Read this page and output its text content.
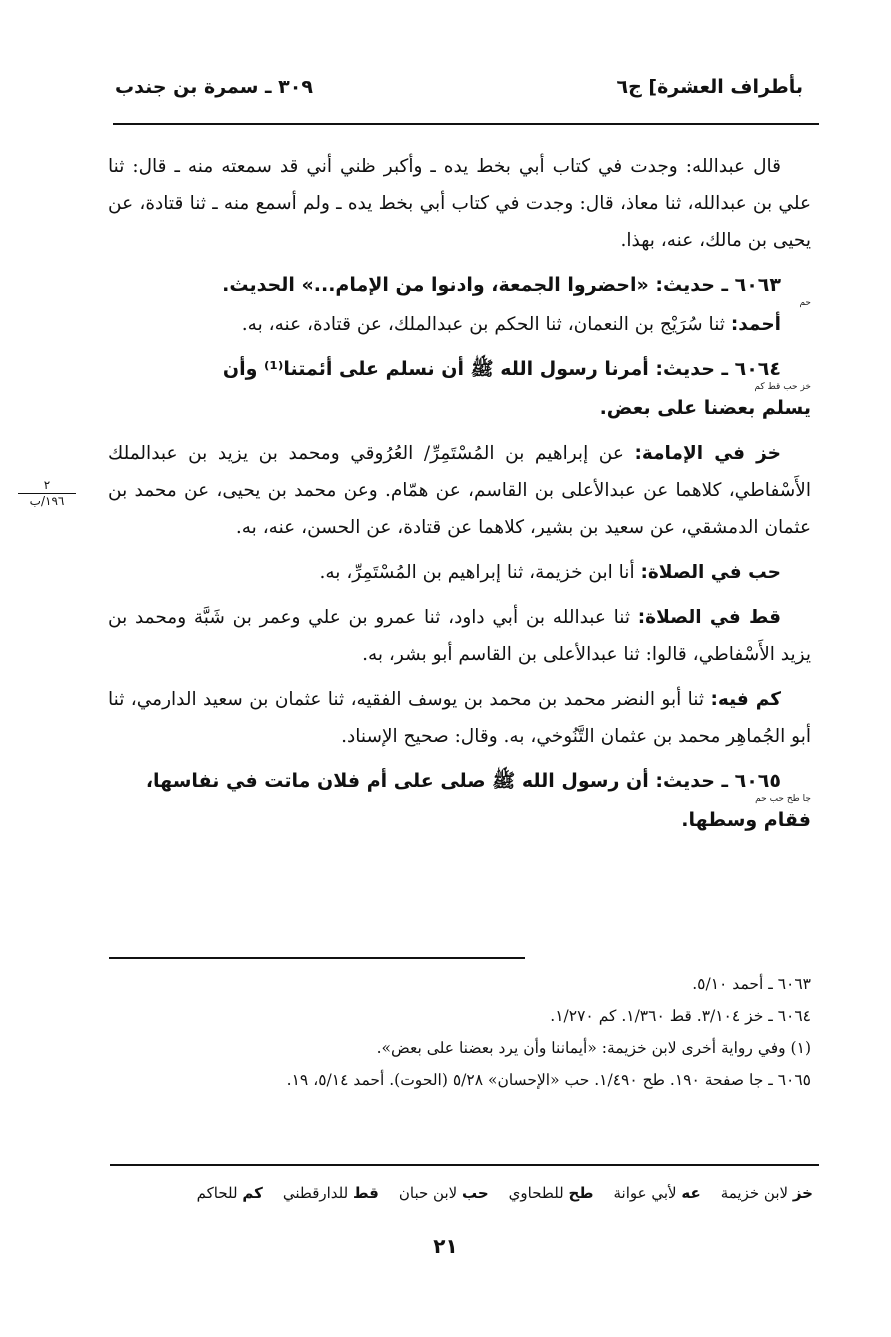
بأطراف العشرة] ج٦
٣٠٩ ـ سمرة بن جندب
٢
١٩٦/ب

قال عبدالله: وجدت في كتاب أبي بخط يده ـ وأكبر ظني أني قد سمعته منه ـ قال: ثنا علي بن عبدالله، ثنا معاذ، قال: وجدت في كتاب أبي بخط يده ـ ولم أسمع منه ـ ثنا قتادة، عن يحيى بن مالك، عنه، بهذا.

٦٠٦٣ ـ حديث: «احضروا الجمعة، وادنوا من الإمام...» الحديث.

حم

أحمد: ثنا سُرَيْج بن النعمان، ثنا الحكم بن عبدالملك، عن قتادة، عنه، به.

٦٠٦٤ ـ حديث: أمرنا رسول الله ﷺ أن نسلم على أئمتنا⁽¹⁾ وأن

خز حب قط كم

يسلم بعضنا على بعض.

خز في الإمامة: عن إبراهيم بن المُسْتَمِرِّ/ العُرُوقي ومحمد بن يزيد بن عبدالملك الأَسْفاطي، كلاهما عن عبدالأعلى بن القاسم، عن همّام. وعن محمد بن يحيى، عن محمد بن عثمان الدمشقي، عن سعيد بن بشير، كلاهما عن قتادة، عن الحسن، عنه، به.

حب في الصلاة: أنا ابن خزيمة، ثنا إبراهيم بن المُسْتَمِرِّ، به.

قط في الصلاة: ثنا عبدالله بن أبي داود، ثنا عمرو بن علي وعمر بن شَبَّة ومحمد بن يزيد الأَسْفاطي، قالوا: ثنا عبدالأعلى بن القاسم أبو بشر، به.

كم فيه: ثنا أبو النضر محمد بن محمد بن يوسف الفقيه، ثنا عثمان بن سعيد الدارمي، ثنا أبو الجُماهِر محمد بن عثمان التَّنُوخي، به. وقال: صحيح الإسناد.

٦٠٦٥ ـ حديث: أن رسول الله ﷺ صلى على أم فلان ماتت في نفاسها،

جا طح حب حم

فقام وسطها.

٦٠٦٣ ـ أحمد ٥/١٠.

٦٠٦٤ ـ خز ٣/١٠٤. قط ١/٣٦٠. كم ١/٢٧٠.

(١) وفي رواية أخرى لابن خزيمة: «أيماننا وأن يرد بعضنا على بعض».

٦٠٦٥ ـ جا صفحة ١٩٠. طح ١/٤٩٠. حب «الإحسان» ٥/٢٨ (الحوت). أحمد ٥/١٤، ١٩.

خز لابن خزيمة
عه لأبي عوانة
طح للطحاوي
حب لابن حبان
قط للدارقطني
كم للحاكم
٢١
